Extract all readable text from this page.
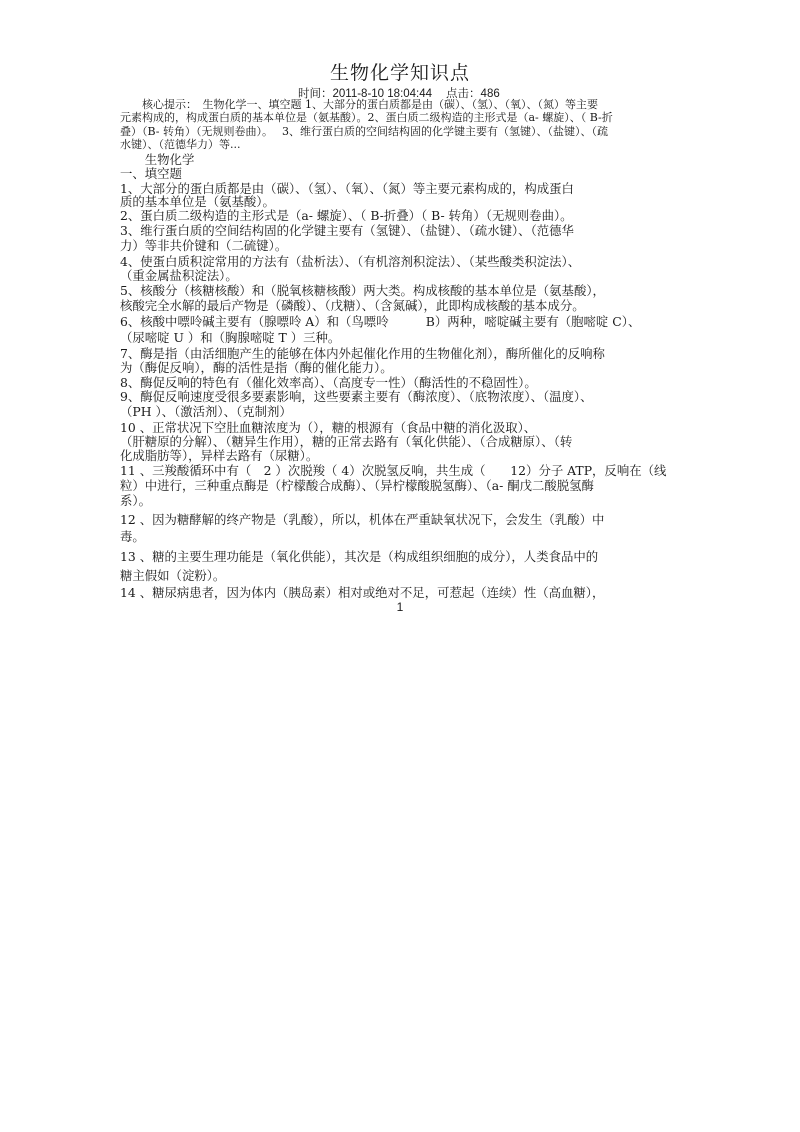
生物化学知识点
时间：2011-8-10 18:04:44 点击：486
　　核心提示：　生物化学一、填空题 1、大部分的蛋白质都是由（碳）、（氢）、（氧）、（氮）等主要
元素构成的，构成蛋白质的基本单位是（氨基酸）。2、蛋白质二级构造的主形式是（a- 螺旋）、（ B-折
叠）（B- 转角）（无规则卷曲）。　 3、维行蛋白质的空间结构固的化学键主要有（氢键）、（盐键）、（疏
水键）、（范德华力）等...
　　生物化学
一、填空题
1、大部分的蛋白质都是由（碳）、（氢）、（氧）、（氮）等主要元素构成的，构成蛋白
质的基本单位是（氨基酸）。
2、蛋白质二级构造的主形式是（a- 螺旋）、（ B-折叠）（ B- 转角）（无规则卷曲）。
3、维行蛋白质的空间结构固的化学键主要有（氢键）、（盐键）、（疏水键）、（范德华
力）等非共价键和（二硫键）。
4、使蛋白质积淀常用的方法有（盐析法）、（有机溶剂积淀法）、（某些酸类积淀法）、
（重金属盐积淀法）。
5、核酸分（核糖核酸）和（脱氧核糖核酸）两大类。构成核酸的基本单位是（氨基酸），
核酸完全水解的最后产物是（磷酸）、（戊糖）、（含氮碱），此即构成核酸的基本成分。
6、核酸中嘌呤碱主要有（腺嘌呤 A）和（鸟嘌呤　　　B）两种，嘧啶碱主要有（胞嘧啶 C）、
（尿嘧啶 U ）和（胸腺嘧啶 T ）三种。
7、酶是指（由活细胞产生的能够在体内外起催化作用的生物催化剂），酶所催化的反响称
为（酶促反响），酶的活性是指（酶的催化能力）。
8、酶促反响的特色有（催化效率高）、（高度专一性）（酶活性的不稳固性）。
9、酶促反响速度受很多要素影响，这些要素主要有（酶浓度）、（底物浓度）、（温度）、
（PH ）、（激活剂）、（克制剂）
10 、正常状况下空肚血糖浓度为（），糖的根源有（食品中糖的消化汲取）、
（肝糖原的分解）、（糖异生作用），糖的正常去路有（氧化供能）、（合成糖原）、（转
化成脂肪等），异样去路有（尿糖）。
11 、三羧酸循环中有（　2 ）次脱羧（ 4）次脱氢反响，共生成（　　12）分子 ATP，反响在（线
粒）中进行，三种重点酶是（柠檬酸合成酶）、（异柠檬酸脱氢酶）、（a- 酮戊二酸脱氢酶
系）。
12 、因为糖酵解的终产物是（乳酸），所以，机体在严重缺氧状况下，会发生（乳酸）中
毒。
13 、糖的主要生理功能是（氧化供能），其次是（构成组织细胞的成分），人类食品中的
糖主假如（淀粉）。
14 、糖尿病患者，因为体内（胰岛素）相对或绝对不足，可惹起（连续）性（高血糖），
1
